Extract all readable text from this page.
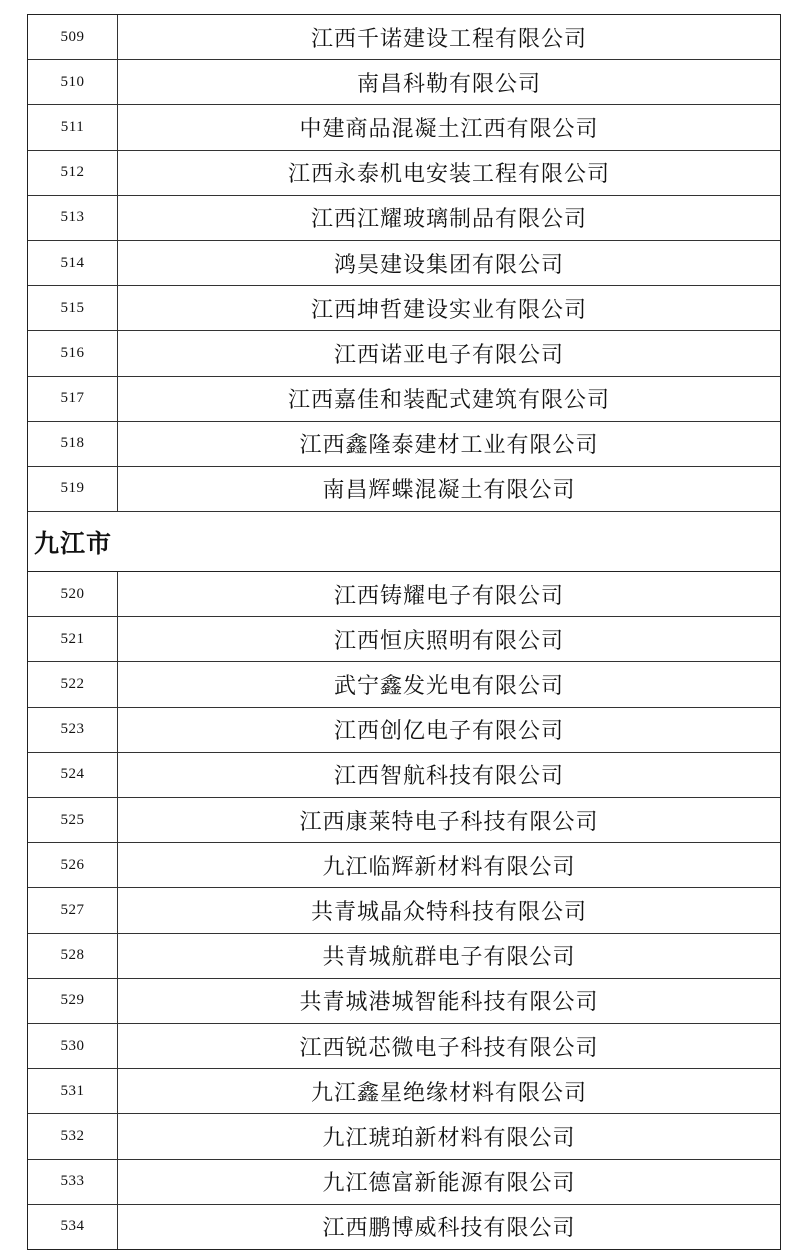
509	江西千诺建设工程有限公司
510	南昌科勒有限公司
511	中建商品混凝土江西有限公司
512	江西永泰机电安装工程有限公司
513	江西江耀玻璃制品有限公司
514	鸿昊建设集团有限公司
515	江西坤哲建设实业有限公司
516	江西诺亚电子有限公司
517	江西嘉佳和装配式建筑有限公司
518	江西鑫隆泰建材工业有限公司
519	南昌辉蝶混凝土有限公司
九江市
520	江西铸耀电子有限公司
521	江西恒庆照明有限公司
522	武宁鑫发光电有限公司
523	江西创亿电子有限公司
524	江西智航科技有限公司
525	江西康莱特电子科技有限公司
526	九江临辉新材料有限公司
527	共青城晶众特科技有限公司
528	共青城航群电子有限公司
529	共青城港城智能科技有限公司
530	江西锐芯微电子科技有限公司
531	九江鑫星绝缘材料有限公司
532	九江琥珀新材料有限公司
533	九江德富新能源有限公司
534	江西鹏博威科技有限公司
